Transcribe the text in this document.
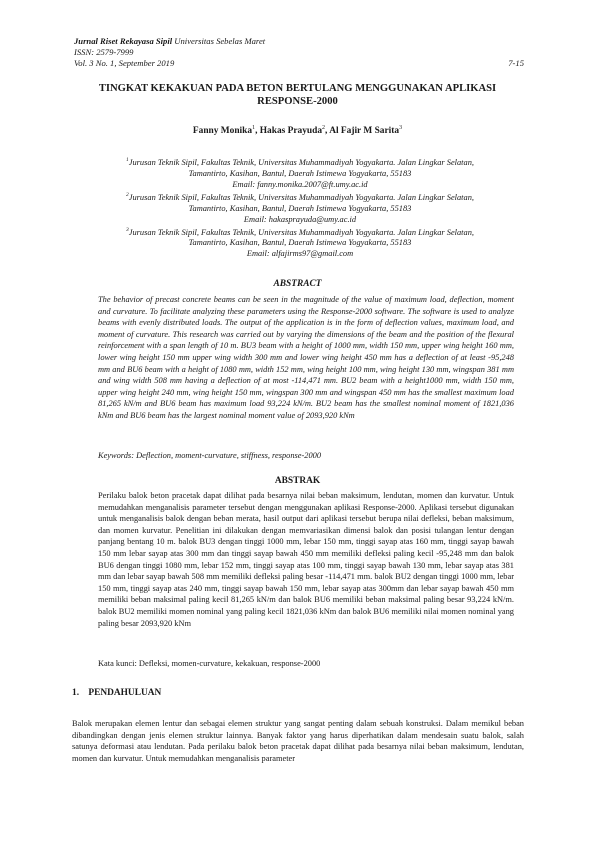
Jurnal Riset Rekayasa Sipil Universitas Sebelas Maret
ISSN: 2579-7999
Vol. 3 No. 1, September 2019	7-15
TINGKAT KEKAKUAN PADA BETON BERTULANG MENGGUNAKAN APLIKASI
RESPONSE-2000
Fanny Monika$^1$, Hakas Prayuda$^2$, Al Fajir M Sarita$^3$
$^1$Jurusan Teknik Sipil, Fakultas Teknik, Universitas Muhammadiyah Yogyakarta. Jalan Lingkar Selatan,
Tamantirto, Kasihan, Bantul, Daerah Istimewa Yogyakarta, 55183
Email: fanny.monika.2007@ft.umy.ac.id
$^2$Jurusan Teknik Sipil, Fakultas Teknik, Universitas Muhammadiyah Yogyakarta. Jalan Lingkar Selatan,
Tamantirto, Kasihan, Bantul, Daerah Istimewa Yogyakarta, 55183
Email: hakasprayuda@umy.ac.id
$^3$Jurusan Teknik Sipil, Fakultas Teknik, Universitas Muhammadiyah Yogyakarta. Jalan Lingkar Selatan,
Tamantirto, Kasihan, Bantul, Daerah Istimewa Yogyakarta, 55183
Email: alfajirms97@gmail.com
ABSTRACT
The behavior of precast concrete beams can be seen in the magnitude of the value of maximum load, deflection, moment and curvature. To facilitate analyzing these parameters using the Response-2000 software. The software is used to analyze beams with evenly distributed loads. The output of the application is in the form of deflection values, maximum load, and moment of curvature. This research was carried out by varying the dimensions of the beam and the position of the flexural reinforcement with a span length of 10 m. BU3 beam with a height of 1000 mm, width 150 mm, upper wing height 160 mm, lower wing height 150 mm upper wing width 300 mm and lower wing height 450 mm has a deflection of at least -95,248 mm and BU6 beam with a height of 1080 mm, width 152 mm, wing height 100 mm, wing height 130 mm, wingspan 381 mm and wing width 508 mm having a deflection of at most -114,471 mm. BU2 beam with a height1000 mm, width 150 mm, upper wing height 240 mm, wing height 150 mm, wingspan 300 mm and wingspan 450 mm has the smallest maximum load 81,265 kN/m and BU6 beam has maximum load 93,224 kN/m. BU2 beam has the smallest nominal moment of 1821,036 kNm and BU6 beam has the largest nominal moment value of 2093,920 kNm
Keywords: Deflection, moment-curvature, stiffness, response-2000
ABSTRAK
Perilaku balok beton pracetak dapat dilihat pada besarnya nilai beban maksimum, lendutan, momen dan kurvatur. Untuk memudahkan menganalisis parameter tersebut dengan menggunakan aplikasi Response-2000. Aplikasi tersebut digunakan untuk menganalisis balok dengan beban merata, hasil output dari aplikasi tersebut berupa nilai defleksi, beban maksimum, dan momen kurvatur. Penelitian ini dilakukan dengan memvariasikan dimensi balok dan posisi tulangan lentur dengan panjang bentang 10 m. balok BU3 dengan tinggi 1000 mm, lebar 150 mm, tinggi sayap atas 160 mm, tinggi sayap bawah 150 mm lebar sayap atas 300 mm dan tinggi sayap bawah 450 mm memiliki defleksi paling kecil -95,248 mm dan balok BU6 dengan tinggi 1080 mm, lebar 152 mm, tinggi sayap atas 100 mm, tinggi sayap bawah 130 mm, lebar sayap atas 381 mm dan lebar sayap bawah 508 mm memiliki defleksi paling besar -114,471 mm. balok BU2 dengan tinggi 1000 mm, lebar 150 mm, tinggi sayap atas 240 mm, tinggi sayap bawah 150 mm, lebar sayap atas 300mm dan lebar sayap bawah 450 mm memiliki beban maksimal paling kecil 81,265 kN/m dan balok BU6 memiliki beban maksimal paling besar 93,224 kN/m. balok BU2 memiliki momen nominal yang paling kecil 1821,036 kNm dan balok BU6 memiliki nilai momen nominal yang paling besar 2093,920 kNm
Kata kunci: Defleksi, momen-curvature, kekakuan, response-2000
1. PENDAHULUAN
Balok merupakan elemen lentur dan sebagai elemen struktur yang sangat penting dalam sebuah konstruksi. Dalam memikul beban dibandingkan dengan jenis elemen struktur lainnya. Banyak faktor yang harus diperhatikan dalam mendesain suatu balok, salah satunya deformasi atau lendutan. Pada perilaku balok beton pracetak dapat dilihat pada besarnya nilai beban maksimum, lendutan, momen dan kurvatur. Untuk memudahkan menganalisis parameter
